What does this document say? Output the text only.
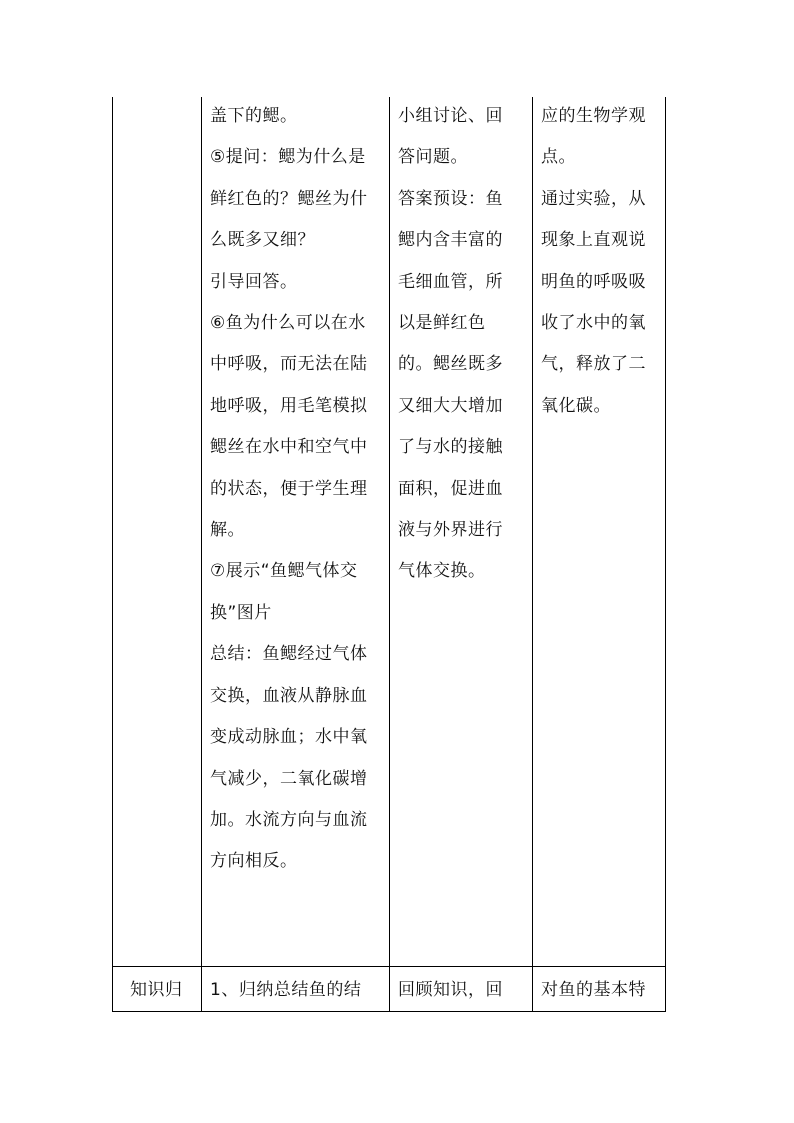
盖下的鳃。
⑤提问：鳃为什么是
鲜红色的？鳃丝为什
么既多又细？
引导回答。
⑥鱼为什么可以在水
中呼吸，而无法在陆
地呼吸，用毛笔模拟
鳃丝在水中和空气中
的状态，便于学生理
解。
⑦展示“鱼鳃气体交
换”图片
总结：鱼鳃经过气体
交换，血液从静脉血
变成动脉血；水中氧
气减少，二氧化碳增
加。水流方向与血流
方向相反。
小组讨论、回
答问题。
答案预设：鱼
鳃内含丰富的
毛细血管，所
以是鲜红色
的。鳃丝既多
又细大大增加
了与水的接触
面积，促进血
液与外界进行
气体交换。
应的生物学观
点。
通过实验，从
现象上直观说
明鱼的呼吸吸
收了水中的氧
气，释放了二
氧化碳。
知识归 1、归纳总结鱼的结 回顾知识，回 对鱼的基本特
